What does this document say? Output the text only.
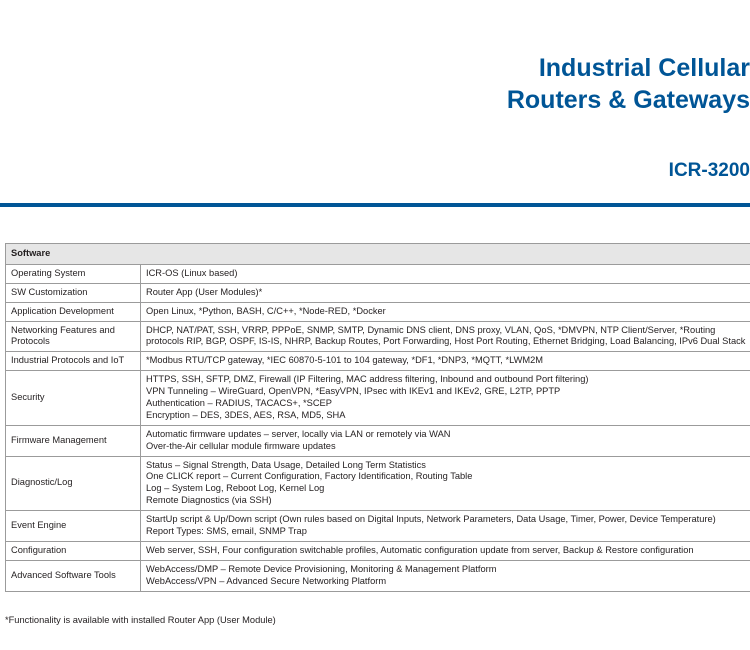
Industrial Cellular
Routers & Gateways
ICR-3200
Software	
Operating System	ICR-OS (Linux based)

SW Customization	Router App (User Modules)*

Application Development	Open Linux, *Python, BASH, C/C++, *Node-RED, *Docker

Networking Features and Protocols	DHCP, NAT/PAT, SSH, VRRP, PPPoE, SNMP, SMTP, Dynamic DNS client, DNS proxy, VLAN, QoS, *DMVPN, NTP Client/Server, *Routing
protocols RIP, BGP, OSPF, IS-IS, NHRP, Backup Routes, Port Forwarding, Host Port Routing, Ethernet Bridging, Load Balancing, IPv6 Dual Stack

Industrial Protocols and IoT	*Modbus RTU/TCP gateway, *IEC 60870-5-101 to 104 gateway, *DF1, *DNP3, *MQTT, *LWM2M

Security	HTTPS, SSH, SFTP, DMZ, Firewall (IP Filtering, MAC address filtering, Inbound and outbound Port filtering)
VPN Tunneling – WireGuard, OpenVPN, *EasyVPN, IPsec with IKEv1 and IKEv2, GRE, L2TP, PPTP
Authentication – RADIUS, TACACS+, *SCEP
Encryption – DES, 3DES, AES, RSA, MD5, SHA

Firmware Management	Automatic firmware updates – server, locally via LAN or remotely via WAN
Over-the-Air cellular module firmware updates

Diagnostic/Log	Status – Signal Strength, Data Usage, Detailed Long Term Statistics
One CLICK report – Current Configuration, Factory Identification, Routing Table
Log – System Log, Reboot Log, Kernel Log
Remote Diagnostics (via SSH)

Event Engine	StartUp script & Up/Down script (Own rules based on Digital Inputs, Network Parameters, Data Usage, Timer, Power, Device Temperature)
Report Types: SMS, email, SNMP Trap

Configuration	Web server, SSH, Four configuration switchable profiles, Automatic configuration update from server, Backup & Restore configuration

Advanced Software Tools	WebAccess/DMP – Remote Device Provisioning, Monitoring & Management Platform
WebAccess/VPN – Advanced Secure Networking Platform
*Functionality is available with installed Router App (User Module)
